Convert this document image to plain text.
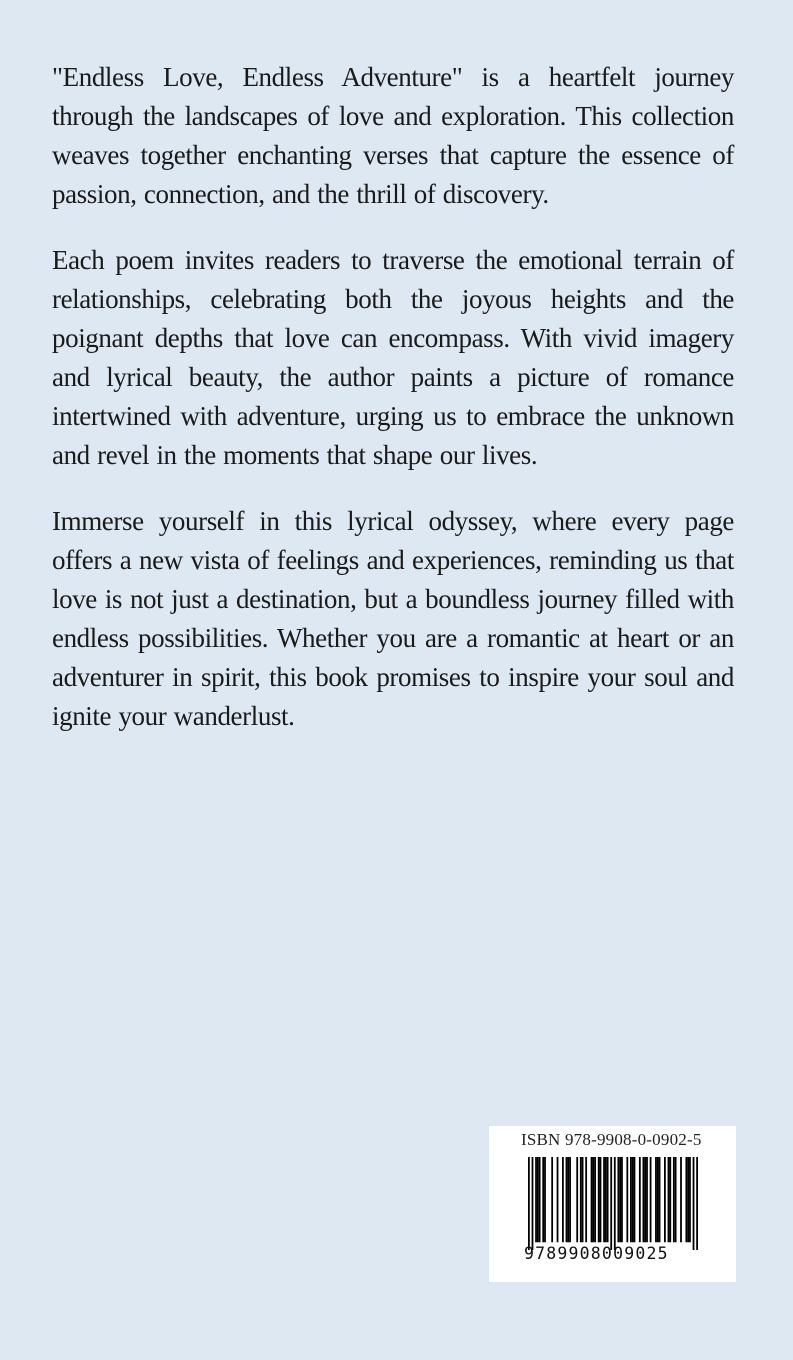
"Endless Love, Endless Adventure" is a heartfelt journey through the landscapes of love and exploration. This collection weaves together enchanting verses that capture the essence of passion, connection, and the thrill of discovery.

Each poem invites readers to traverse the emotional terrain of relationships, celebrating both the joyous heights and the poignant depths that love can encompass. With vivid imagery and lyrical beauty, the author paints a picture of romance intertwined with adventure, urging us to embrace the unknown and revel in the moments that shape our lives.

Immerse yourself in this lyrical odyssey, where every page offers a new vista of feelings and experiences, reminding us that love is not just a destination, but a boundless journey filled with endless possibilities. Whether you are a romantic at heart or an adventurer in spirit, this book promises to inspire your soul and ignite your wanderlust.

ISBN 978-9908-0-0902-5
9789908009025
